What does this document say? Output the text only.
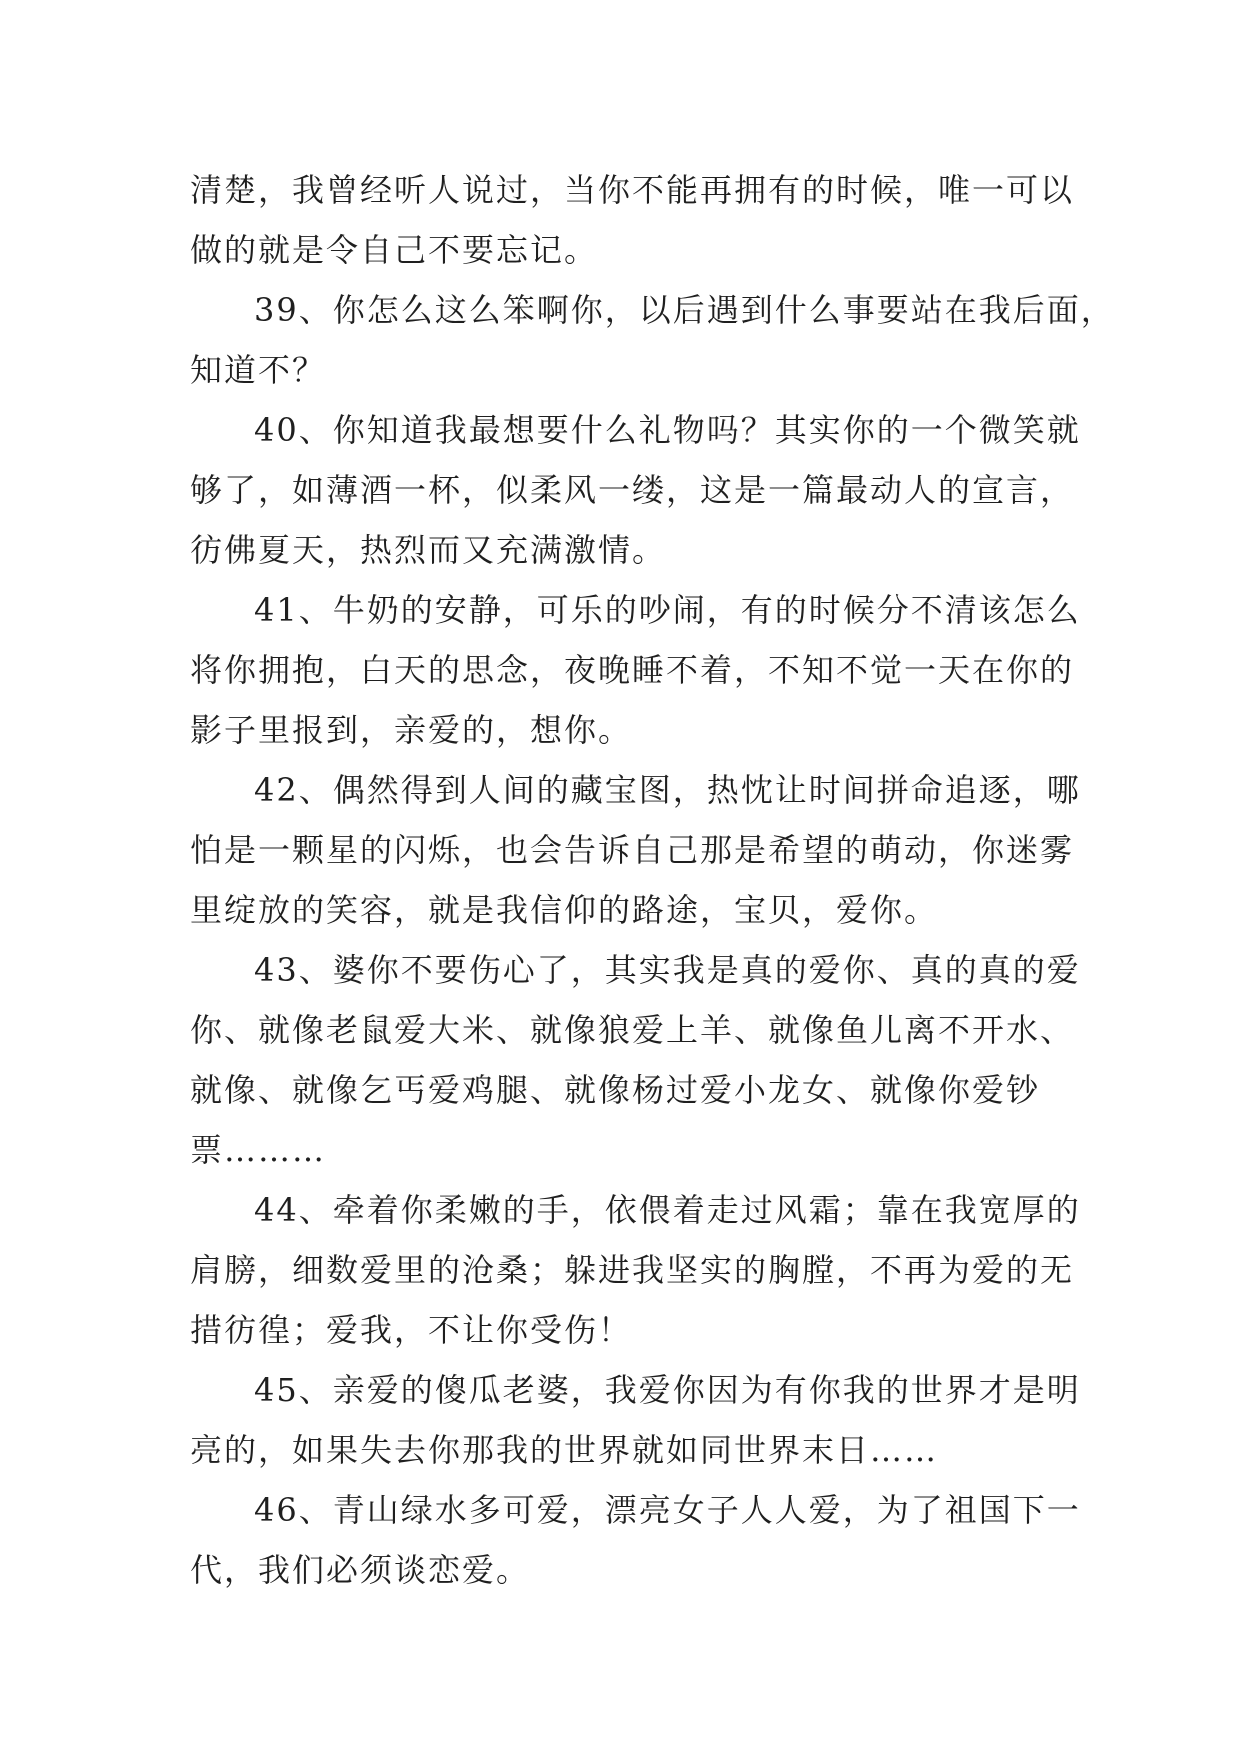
清楚，我曾经听人说过，当你不能再拥有的时候，唯一可以
做的就是令自己不要忘记。
39、你怎么这么笨啊你，以后遇到什么事要站在我后面，
知道不？
40、你知道我最想要什么礼物吗？其实你的一个微笑就
够了，如薄酒一杯，似柔风一缕，这是一篇最动人的宣言，
彷佛夏天，热烈而又充满激情。
41、牛奶的安静，可乐的吵闹，有的时候分不清该怎么
将你拥抱，白天的思念，夜晚睡不着，不知不觉一天在你的
影子里报到，亲爱的，想你。
42、偶然得到人间的藏宝图，热忱让时间拼命追逐，哪
怕是一颗星的闪烁，也会告诉自己那是希望的萌动，你迷雾
里绽放的笑容，就是我信仰的路途，宝贝，爱你。
43、婆你不要伤心了，其实我是真的爱你、真的真的爱
你、就像老鼠爱大米、就像狼爱上羊、就像鱼儿离不开水、
就像、就像乞丐爱鸡腿、就像杨过爱小龙女、就像你爱钞
票………
44、牵着你柔嫩的手，依偎着走过风霜；靠在我宽厚的
肩膀，细数爱里的沧桑；躲进我坚实的胸膛，不再为爱的无
措彷徨；爱我，不让你受伤！
45、亲爱的傻瓜老婆，我爱你因为有你我的世界才是明
亮的，如果失去你那我的世界就如同世界末日……
46、青山绿水多可爱，漂亮女子人人爱，为了祖国下一
代，我们必须谈恋爱。
